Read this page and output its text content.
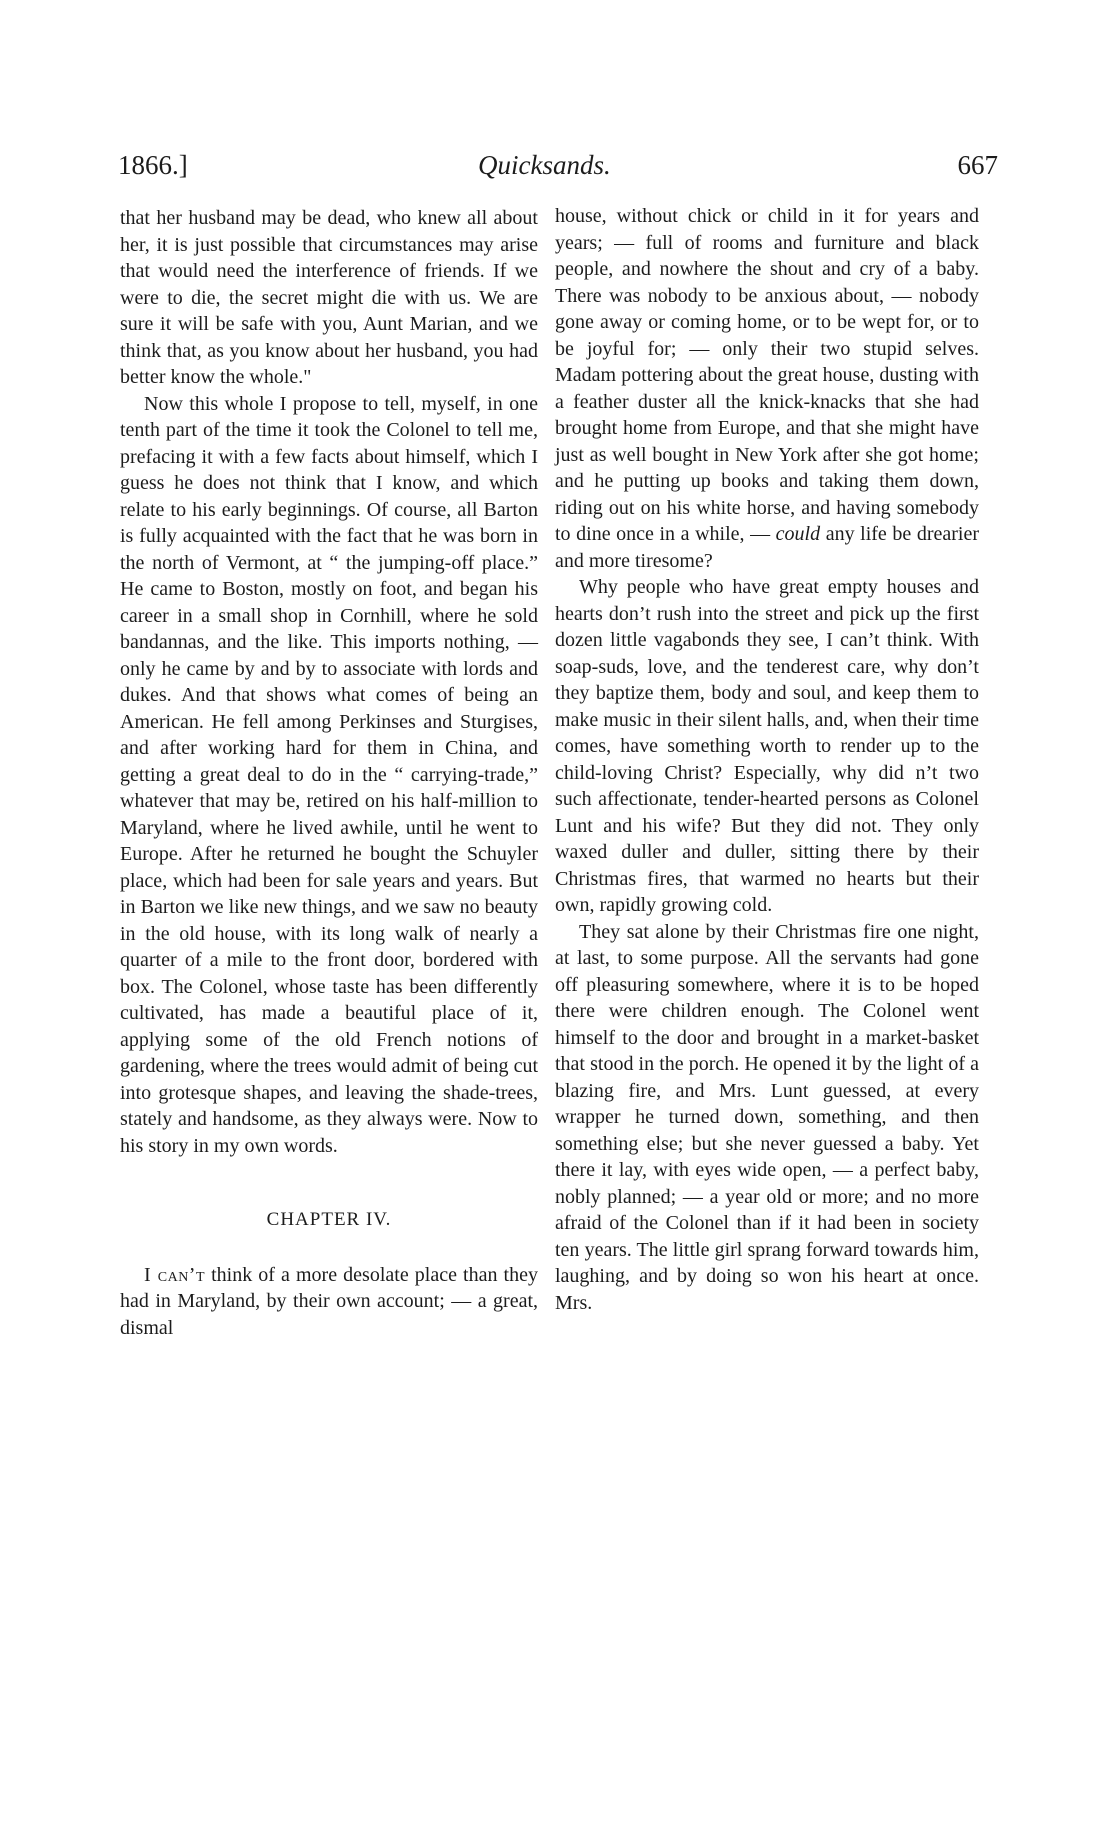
1866.]	Quicksands.	667

that her husband may be dead, who knew all about her, it is just possible that circumstances may arise that would need the interference of friends. If we were to die, the secret might die with us. We are sure it will be safe with you, Aunt Marian, and we think that, as you know about her husband, you had better know the whole."

Now this whole I propose to tell, myself, in one tenth part of the time it took the Colonel to tell me, prefacing it with a few facts about himself, which I guess he does not think that I know, and which relate to his early beginnings. Of course, all Barton is fully acquainted with the fact that he was born in the north of Vermont, at “ the jumping-off place.” He came to Boston, mostly on foot, and began his career in a small shop in Cornhill, where he sold bandannas, and the like. This imports nothing, — only he came by and by to associate with lords and dukes. And that shows what comes of being an American. He fell among Perkinses and Sturgises, and after working hard for them in China, and getting a great deal to do in the “ carrying-trade,” whatever that may be, retired on his half-million to Maryland, where he lived awhile, until he went to Europe. After he returned he bought the Schuyler place, which had been for sale years and years. But in Barton we like new things, and we saw no beauty in the old house, with its long walk of nearly a quarter of a mile to the front door, bordered with box. The Colonel, whose taste has been differently cultivated, has made a beautiful place of it, applying some of the old French notions of gardening, where the trees would admit of being cut into grotesque shapes, and leaving the shade-trees, stately and handsome, as they always were. Now to his story in my own words.

CHAPTER IV.

I can’t think of a more desolate place than they had in Maryland, by their own account; — a great, dismal

house, without chick or child in it for years and years; — full of rooms and furniture and black people, and nowhere the shout and cry of a baby. There was nobody to be anxious about, — nobody gone away or coming home, or to be wept for, or to be joyful for; — only their two stupid selves. Madam pottering about the great house, dusting with a feather duster all the knick-knacks that she had brought home from Europe, and that she might have just as well bought in New York after she got home; and he putting up books and taking them down, riding out on his white horse, and having somebody to dine once in a while, — could any life be drearier and more tiresome?

Why people who have great empty houses and hearts don’t rush into the street and pick up the first dozen little vagabonds they see, I can’t think. With soap-suds, love, and the tenderest care, why don’t they baptize them, body and soul, and keep them to make music in their silent halls, and, when their time comes, have something worth to render up to the child-loving Christ? Especially, why did n’t two such affectionate, tender-hearted persons as Colonel Lunt and his wife? But they did not. They only waxed duller and duller, sitting there by their Christmas fires, that warmed no hearts but their own, rapidly growing cold.

They sat alone by their Christmas fire one night, at last, to some purpose. All the servants had gone off pleasuring somewhere, where it is to be hoped there were children enough. The Colonel went himself to the door and brought in a market-basket that stood in the porch. He opened it by the light of a blazing fire, and Mrs. Lunt guessed, at every wrapper he turned down, something, and then something else; but she never guessed a baby. Yet there it lay, with eyes wide open, — a perfect baby, nobly planned; — a year old or more; and no more afraid of the Colonel than if it had been in society ten years. The little girl sprang forward towards him, laughing, and by doing so won his heart at once. Mrs.
